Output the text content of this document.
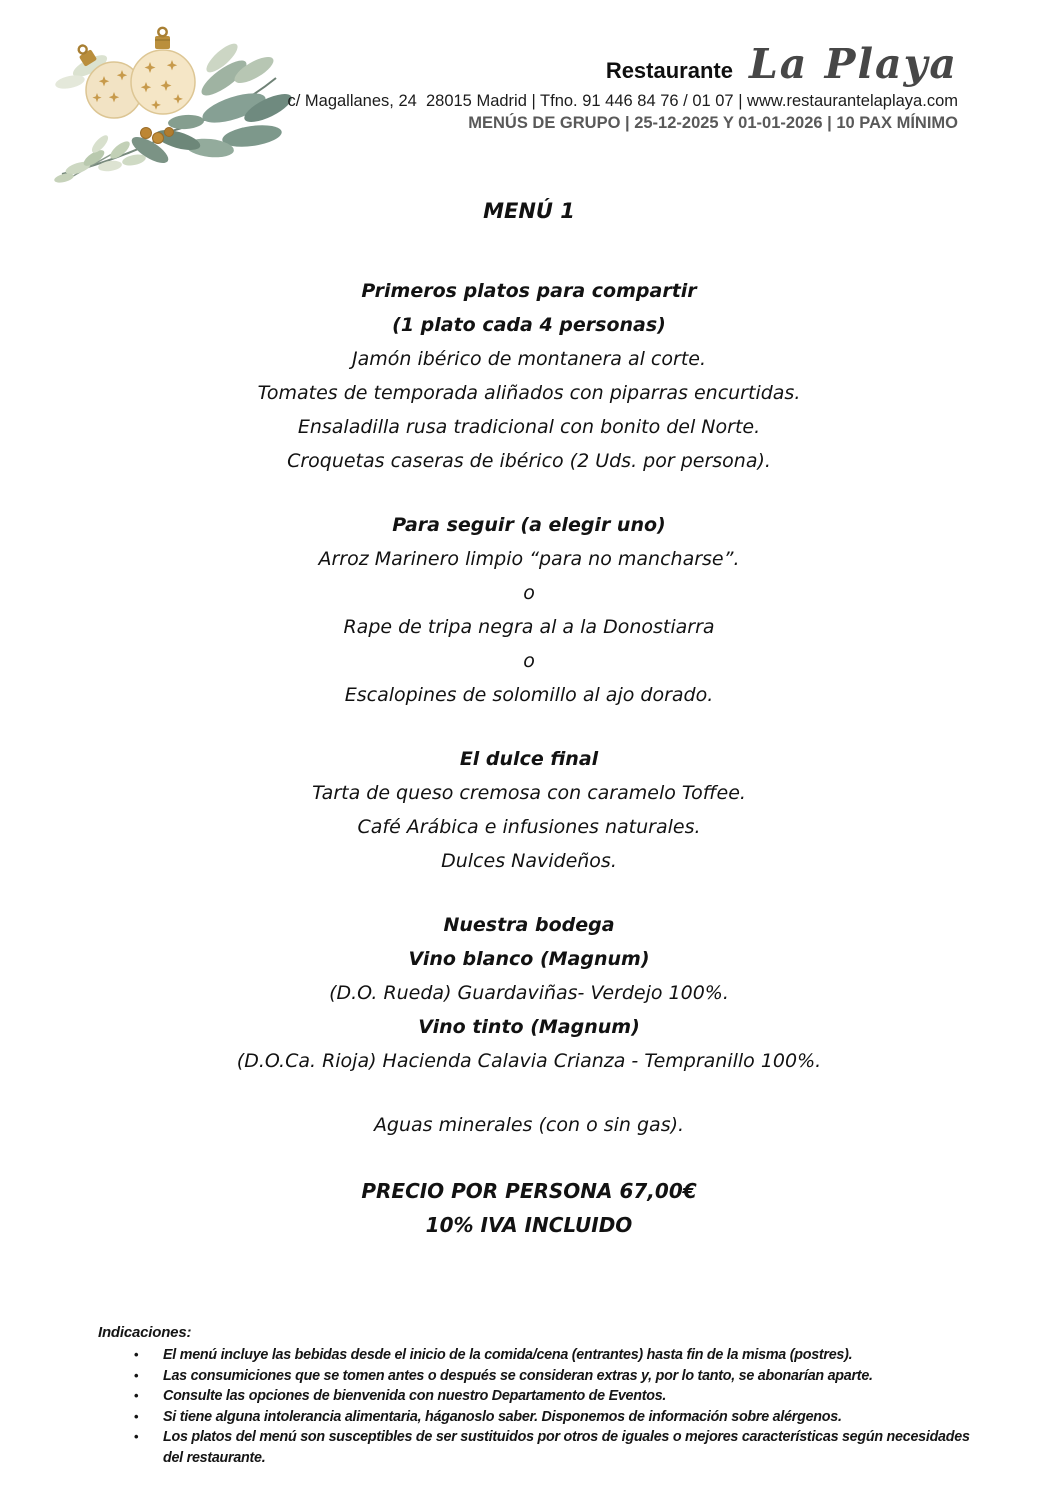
Restaurante La Playa
c/ Magallanes, 24  28015 Madrid | Tfno. 91 446 84 76 / 01 07 | www.restaurantelaplaya.com
MENÚS DE GRUPO | 25-12-2025 Y 01-01-2026 | 10 PAX MÍNIMO
MENÚ 1
Primeros platos para compartir
(1 plato cada 4 personas)
Jamón ibérico de montanera al corte.
Tomates de temporada aliñados con piparras encurtidas.
Ensaladilla rusa tradicional con bonito del Norte.
Croquetas caseras de ibérico (2 Uds. por persona).
Para seguir (a elegir uno)
Arroz Marinero limpio “para no mancharse”.
o
Rape de tripa negra al a la Donostiarra
o
Escalopines de solomillo al ajo dorado.
El dulce final
Tarta de queso cremosa con caramelo Toffee.
Café Arábica e infusiones naturales.
Dulces Navideños.
Nuestra bodega
Vino blanco (Magnum)
(D.O. Rueda) Guardaviñas- Verdejo 100%.
Vino tinto (Magnum)
(D.O.Ca. Rioja) Hacienda Calavia Crianza - Tempranillo 100%.
Aguas minerales (con o sin gas).
PRECIO POR PERSONA 67,00€
10% IVA INCLUIDO
Indicaciones:
• El menú incluye las bebidas desde el inicio de la comida/cena (entrantes) hasta fin de la misma (postres).
• Las consumiciones que se tomen antes o después se consideran extras y, por lo tanto, se abonarían aparte.
• Consulte las opciones de bienvenida con nuestro Departamento de Eventos.
• Si tiene alguna intolerancia alimentaria, háganoslo saber. Disponemos de información sobre alérgenos.
• Los platos del menú son susceptibles de ser sustituidos por otros de iguales o mejores características según necesidades del restaurante.
